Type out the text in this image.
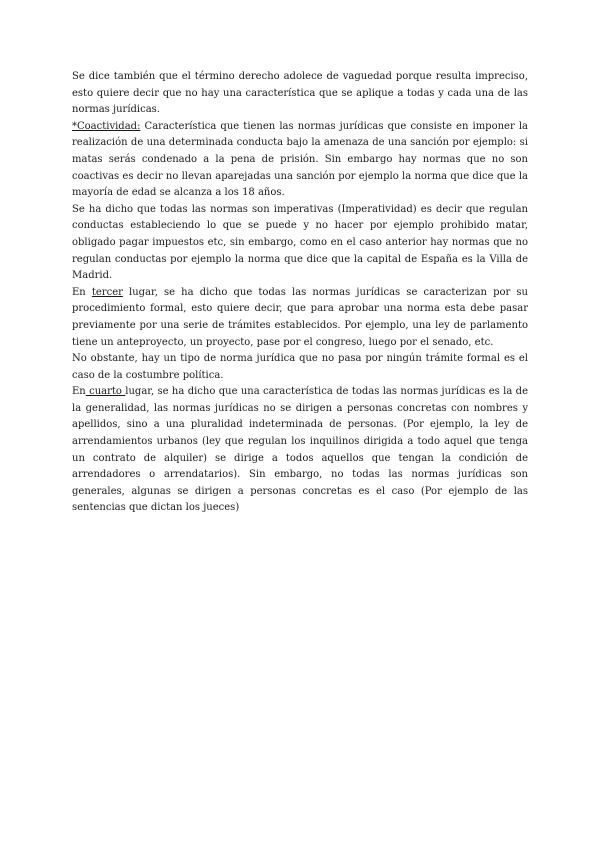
Se dice también que el término derecho adolece de vaguedad porque resulta impreciso, esto quiere decir que no hay una característica que se aplique a todas y cada una de las normas jurídicas.

*Coactividad: Característica que tienen las normas jurídicas que consiste en imponer la realización de una determinada conducta bajo la amenaza de una sanción por ejemplo: si matas serás condenado a la pena de prisión. Sin embargo hay normas que no son coactivas es decir no llevan aparejadas una sanción por ejemplo la norma que dice que la mayoría de edad se alcanza a los 18 años.

Se ha dicho que todas las normas son imperativas (Imperatividad) es decir que regulan conductas estableciendo lo que se puede y no hacer por ejemplo prohibido matar, obligado pagar impuestos etc, sin embargo, como en el caso anterior hay normas que no regulan conductas por ejemplo la norma que dice que la capital de España es la Villa de Madrid.

En tercer lugar, se ha dicho que todas las normas jurídicas se caracterizan por su procedimiento formal, esto quiere decir, que para aprobar una norma esta debe pasar previamente por una serie de trámites establecidos. Por ejemplo, una ley de parlamento tiene un anteproyecto, un proyecto, pase por el congreso, luego por el senado, etc.

No obstante, hay un tipo de norma jurídica que no pasa por ningún trámite formal es el caso de la costumbre política.

En cuarto lugar, se ha dicho que una característica de todas las normas jurídicas es la de la generalidad, las normas jurídicas no se dirigen a personas concretas con nombres y apellidos, sino a una pluralidad indeterminada de personas. (Por ejemplo, la ley de arrendamientos urbanos (ley que regulan los inquilinos dirigida a todo aquel que tenga un contrato de alquiler) se dirige a todos aquellos que tengan la condición de arrendadores o arrendatarios). Sin embargo, no todas las normas jurídicas son generales, algunas se dirigen a personas concretas es el caso (Por ejemplo de las sentencias que dictan los jueces)
